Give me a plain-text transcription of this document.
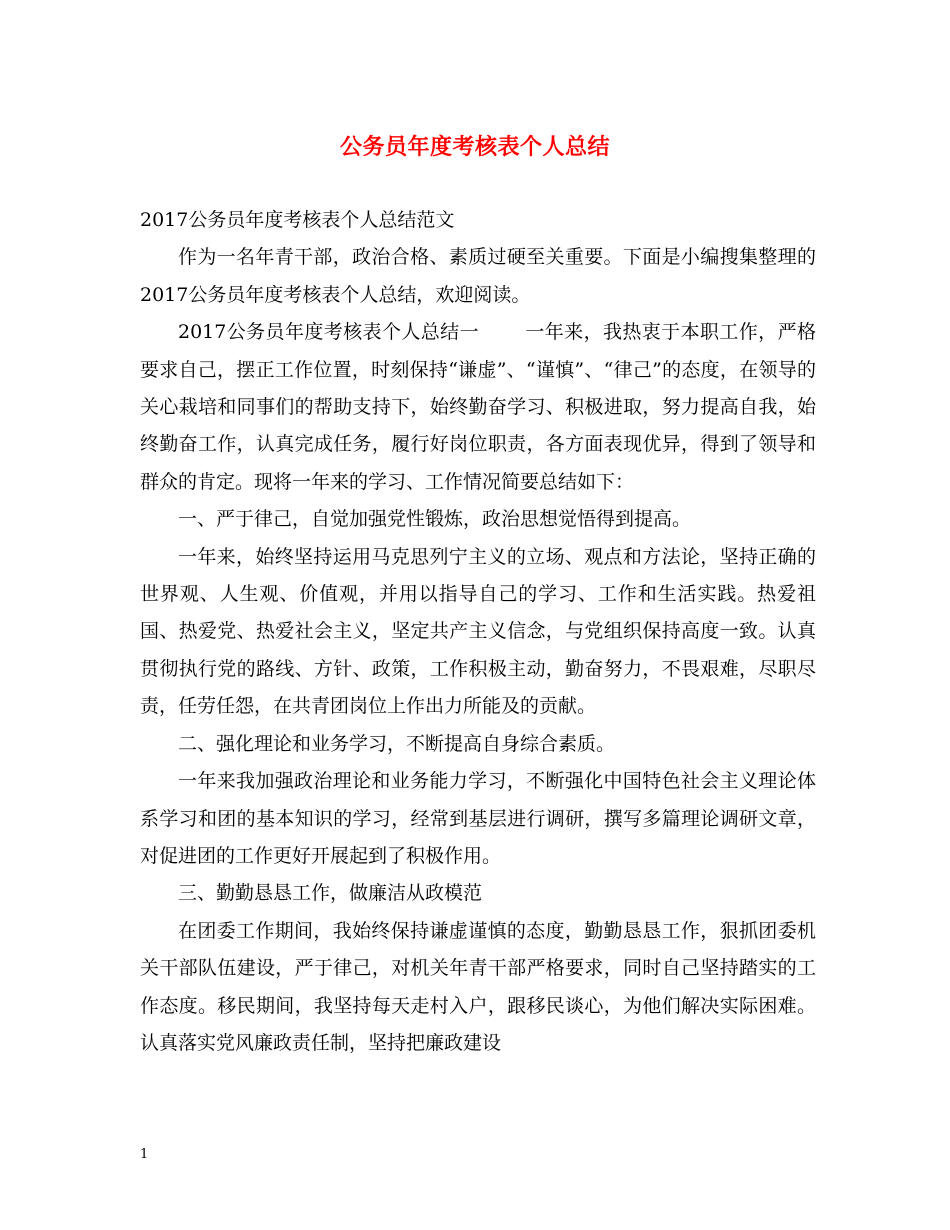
公务员年度考核表个人总结

2017公务员年度考核表个人总结范文

作为一名年青干部，政治合格、素质过硬至关重要。下面是小编搜集整理的2017公务员年度考核表个人总结，欢迎阅读。

2017公务员年度考核表个人总结一 一年来，我热衷于本职工作，严格要求自己，摆正工作位置，时刻保持“谦虚”、“谨慎”、“律己”的态度，在领导的关心栽培和同事们的帮助支持下，始终勤奋学习、积极进取，努力提高自我，始终勤奋工作，认真完成任务，履行好岗位职责，各方面表现优异，得到了领导和群众的肯定。现将一年来的学习、工作情况简要总结如下：

一、严于律己，自觉加强党性锻炼，政治思想觉悟得到提高。

一年来，始终坚持运用马克思列宁主义的立场、观点和方法论，坚持正确的世界观、人生观、价值观，并用以指导自己的学习、工作和生活实践。热爱祖国、热爱党、热爱社会主义，坚定共产主义信念，与党组织保持高度一致。认真贯彻执行党的路线、方针、政策，工作积极主动，勤奋努力，不畏艰难，尽职尽责，任劳任怨，在共青团岗位上作出力所能及的贡献。

二、强化理论和业务学习，不断提高自身综合素质。

一年来我加强政治理论和业务能力学习，不断强化中国特色社会主义理论体系学习和团的基本知识的学习，经常到基层进行调研，撰写多篇理论调研文章，对促进团的工作更好开展起到了积极作用。

三、勤勤恳恳工作，做廉洁从政模范

在团委工作期间，我始终保持谦虚谨慎的态度，勤勤恳恳工作，狠抓团委机关干部队伍建设，严于律己，对机关年青干部严格要求，同时自己坚持踏实的工作态度。移民期间，我坚持每天走村入户，跟移民谈心，为他们解决实际困难。认真落实党风廉政责任制，坚持把廉政建设

1
